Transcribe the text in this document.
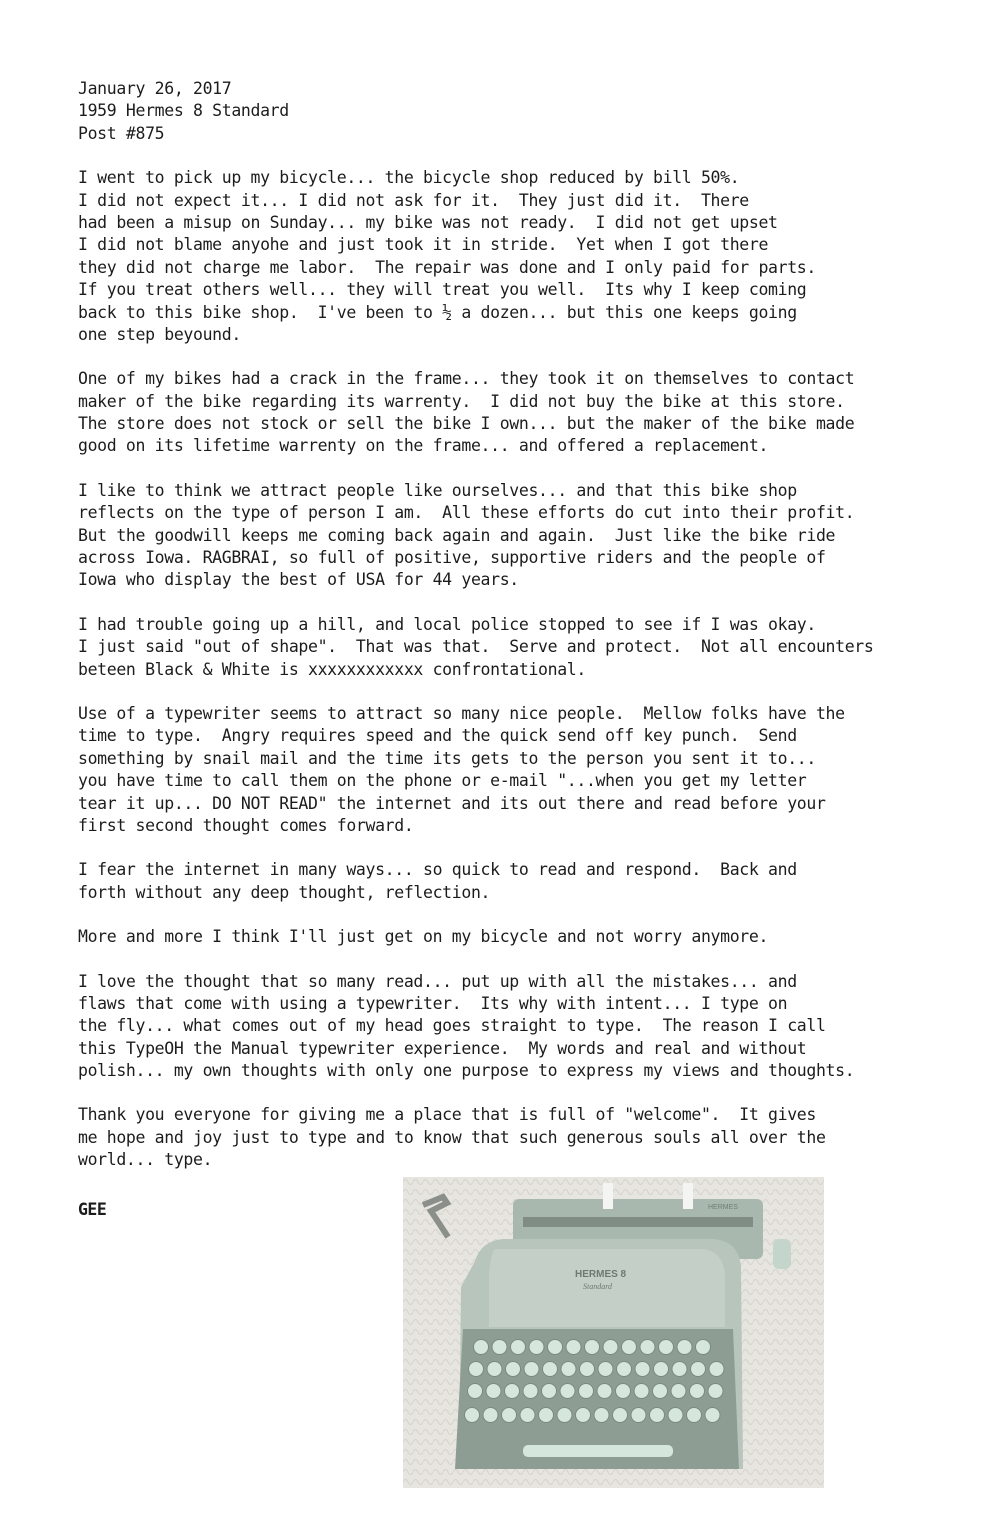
January 26, 2017
1959 Hermes 8 Standard
Post #875
I went to pick up my bicycle... the bicycle shop reduced by bill 50%.
I did not expect it... I did not ask for it.  They just did it.  There
had been a misup on Sunday... my bike was not ready.  I did not get upset
I did not blame anyohe and just took it in stride.  Yet when I got there
they did not charge me labor.  The repair was done and I only paid for parts.
If you treat others well... they will treat you well.  Its why I keep coming
back to this bike shop.  I've been to ½ a dozen... but this one keeps going
one step beyound.
One of my bikes had a crack in the frame... they took it on themselves to contact
maker of the bike regarding its warrenty.  I did not buy the bike at this store.
The store does not stock or sell the bike I own... but the maker of the bike made
good on its lifetime warrenty on the frame... and offered a replacement.
I like to think we attract people like ourselves... and that this bike shop
reflects on the type of person I am.  All these efforts do cut into their profit.
But the goodwill keeps me coming back again and again.  Just like the bike ride
across Iowa. RAGBRAI, so full of positive, supportive riders and the people of
Iowa who display the best of USA for 44 years.
I had trouble going up a hill, and local police stopped to see if I was okay.
I just said "out of shape".  That was that.  Serve and protect.  Not all encounters
beteen Black & White is xxxxxxxxxxxx confrontational.
Use of a typewriter seems to attract so many nice people.  Mellow folks have the
time to type.  Angry requires speed and the quick send off key punch.  Send
something by snail mail and the time its gets to the person you sent it to...
you have time to call them on the phone or e-mail "...when you get my letter
tear it up... DO NOT READ" the internet and its out there and read before your
first second thought comes forward.
I fear the internet in many ways... so quick to read and respond.  Back and
forth without any deep thought, reflection.
More and more I think I'll just get on my bicycle and not worry anymore.
I love the thought that so many read... put up with all the mistakes... and
flaws that come with using a typewriter.  Its why with intent... I type on
the fly... what comes out of my head goes straight to type.  The reason I call
this TypeOH the Manual typewriter experience.  My words and real and without
polish... my own thoughts with only one purpose to express my views and thoughts.
Thank you everyone for giving me a place that is full of "welcome".  It gives
me hope and joy just to type and to know that such generous souls all over the
world... type.
GEE	HERMES
HERMES 8
Standard
